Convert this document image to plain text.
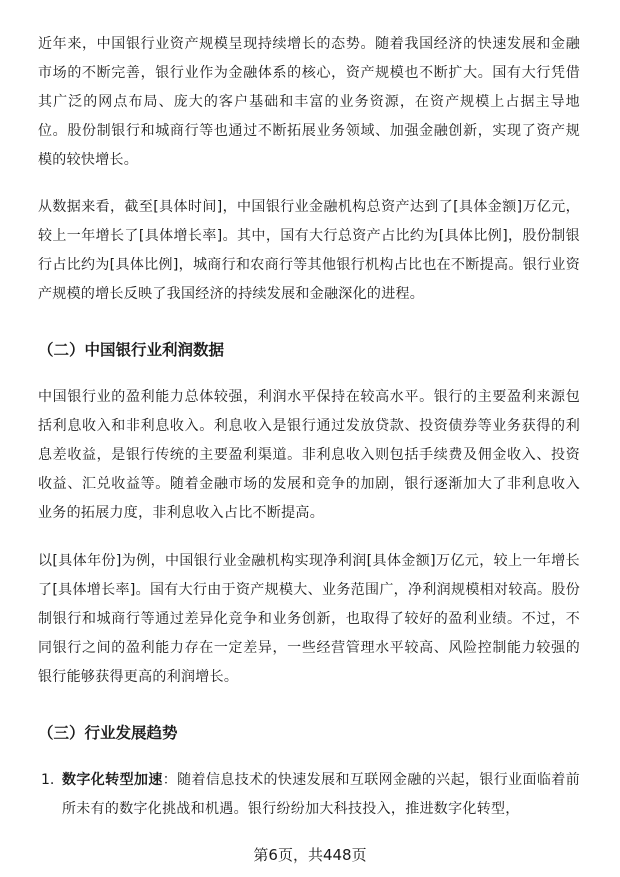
近年来，中国银行业资产规模呈现持续增长的态势。随着我国经济的快速发展和金融市场的不断完善，银行业作为金融体系的核心，资产规模也不断扩大。国有大行凭借其广泛的网点布局、庞大的客户基础和丰富的业务资源，在资产规模上占据主导地位。股份制银行和城商行等也通过不断拓展业务领域、加强金融创新，实现了资产规模的较快增长。

从数据来看，截至[具体时间]，中国银行业金融机构总资产达到了[具体金额]万亿元，较上一年增长了[具体增长率]。其中，国有大行总资产占比约为[具体比例]，股份制银行占比约为[具体比例]，城商行和农商行等其他银行机构占比也在不断提高。银行业资产规模的增长反映了我国经济的持续发展和金融深化的进程。

（二）中国银行业利润数据

中国银行业的盈利能力总体较强，利润水平保持在较高水平。银行的主要盈利来源包括利息收入和非利息收入。利息收入是银行通过发放贷款、投资债券等业务获得的利息差收益，是银行传统的主要盈利渠道。非利息收入则包括手续费及佣金收入、投资收益、汇兑收益等。随着金融市场的发展和竞争的加剧，银行逐渐加大了非利息收入业务的拓展力度，非利息收入占比不断提高。

以[具体年份]为例，中国银行业金融机构实现净利润[具体金额]万亿元，较上一年增长了[具体增长率]。国有大行由于资产规模大、业务范围广，净利润规模相对较高。股份制银行和城商行等通过差异化竞争和业务创新，也取得了较好的盈利业绩。不过，不同银行之间的盈利能力存在一定差异，一些经营管理水平较高、风险控制能力较强的银行能够获得更高的利润增长。

（三）行业发展趋势
1. 数字化转型加速：随着信息技术的快速发展和互联网金融的兴起，银行业面临着前所未有的数字化挑战和机遇。银行纷纷加大科技投入，推进数字化转型，
第6页，共448页
